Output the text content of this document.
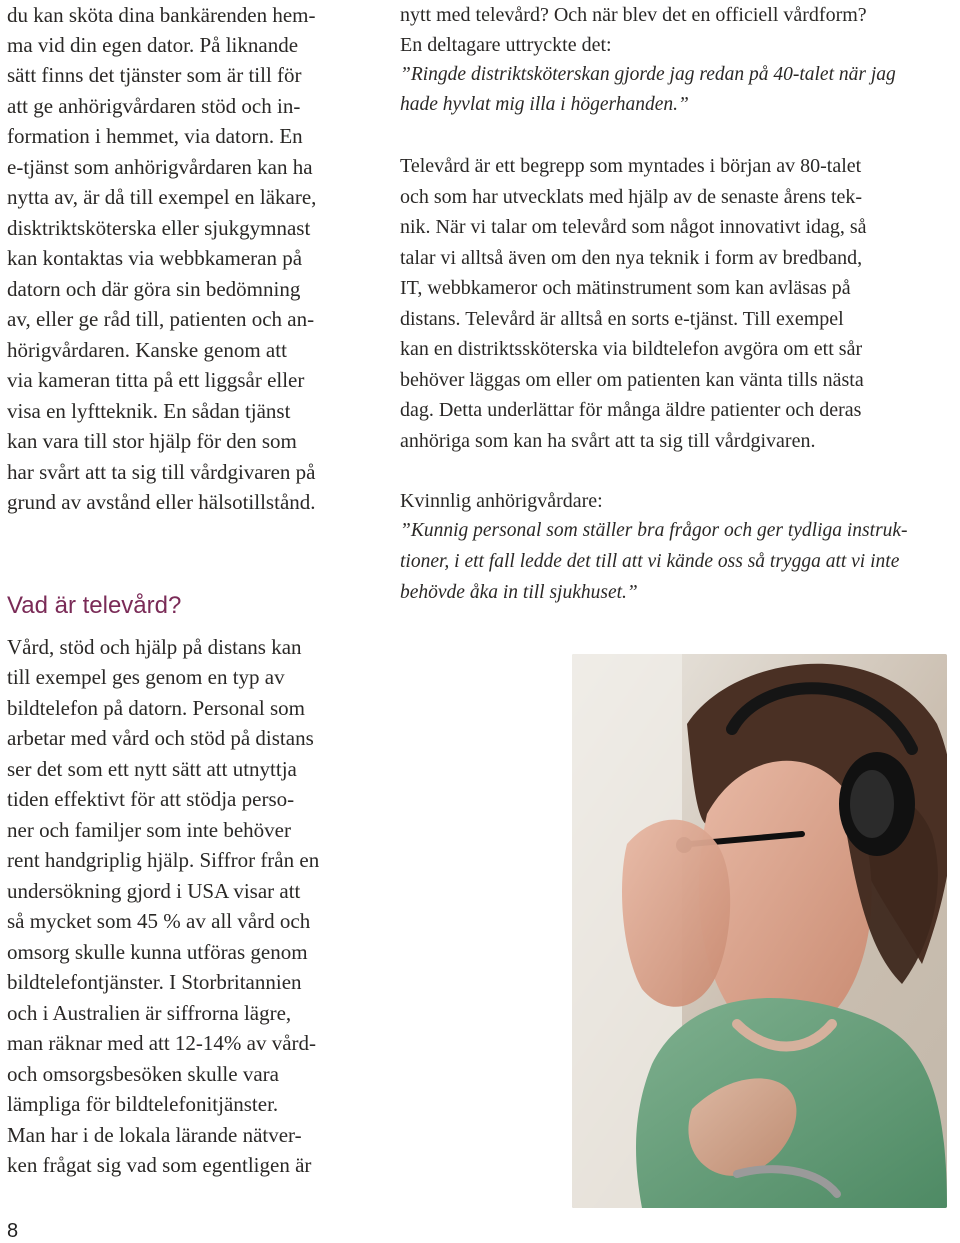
du kan sköta dina bankärenden hem-
ma vid din egen dator. På liknande
sätt finns det tjänster som är till för
att ge anhörigvårdaren stöd och in-
formation i hemmet, via datorn. En
e-tjänst som anhörigvårdaren kan ha
nytta av, är då till exempel en läkare,
disktriktsköterska eller sjukgymnast
kan kontaktas via webbkameran på
datorn och där göra sin bedömning
av, eller ge råd till, patienten och an-
hörigvårdaren. Kanske genom att
via kameran titta på ett liggsår eller
visa en lyftteknik. En sådan tjänst
kan vara till stor hjälp för den som
har svårt att ta sig till vårdgivaren på
grund av avstånd eller hälsotillstånd.
Vård, stöd och hjälp på distans kan
till exempel ges genom en typ av
bildtelefon på datorn. Personal som
arbetar med vård och stöd på distans
ser det som ett nytt sätt att utnyttja
tiden effektivt för att stödja perso-
ner och familjer som inte behöver
rent handgriplig hjälp. Siffror från en
undersökning gjord i USA visar att
så mycket som 45 % av all vård och
omsorg skulle kunna utföras genom
bildtelefontjänster. I Storbritannien
och i Australien är siffrorna lägre,
man räknar med att 12-14% av vård-
och omsorgsbesöken skulle vara
lämpliga för bildtelefonitjänster.
Man har i de lokala lärande nätver-
ken frågat sig vad som egentligen är
Vad är televård?
nytt med televård? Och när blev det en officiell vårdform?
En deltagare uttryckte det:
”Ringde distriktsköterskan gjorde jag redan på 40-talet när jag
hade hyvlat mig illa i högerhanden.”
Televård är ett begrepp som myntades i början av 80-talet
och som har utvecklats med hjälp av de senaste årens tek-
nik. När vi talar om televård som något innovativt idag, så
talar vi alltså även om den nya teknik i form av bredband,
IT, webbkameror och mätinstrument som kan avläsas på
distans. Televård är alltså en sorts e-tjänst. Till exempel
kan en distriktssköterska via bildtelefon avgöra om ett sår
behöver läggas om eller om patienten kan vänta tills nästa
dag. Detta underlättar för många äldre patienter och deras
anhöriga som kan ha svårt att ta sig till vårdgivaren.
Kvinnlig anhörigvårdare:
”Kunnig personal som ställer bra frågor och ger tydliga instruk-
tioner, i ett fall ledde det till att vi kände oss så trygga att vi inte
behövde åka in till sjukhuset.”
8
